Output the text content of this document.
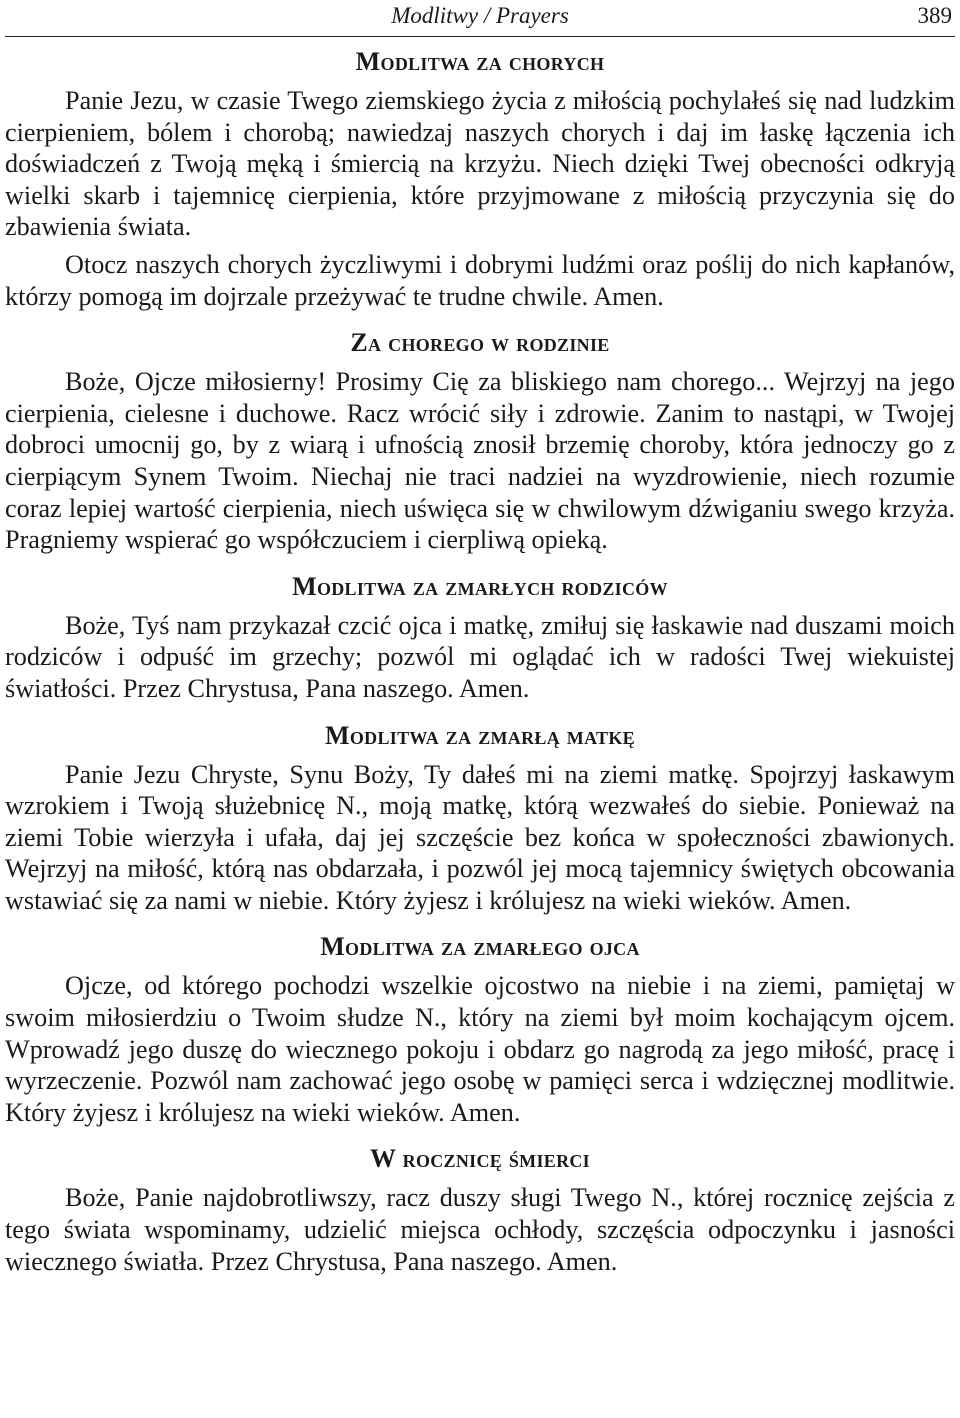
Modlitwy / Prayers	389
Modlitwa za chorych

Panie Jezu, w czasie Twego ziemskiego życia z miłością pochylałeś się nad ludzkim cierpieniem, bólem i chorobą; nawiedzaj naszych chorych i daj im łaskę łączenia ich doświadczeń z Twoją męką i śmiercią na krzyżu. Niech dzięki Twej obecności odkryją wielki skarb i tajemnicę cierpienia, które przyjmowane z miłością przyczynia się do zbawienia świata.

Otocz naszych chorych życzliwymi i dobrymi ludźmi oraz poślij do nich kapłanów, którzy pomogą im dojrzale przeżywać te trudne chwile. Amen.

Za chorego w rodzinie

Boże, Ojcze miłosierny! Prosimy Cię za bliskiego nam chorego... Wejrzyj na jego cierpienia, cielesne i duchowe. Racz wrócić siły i zdrowie. Zanim to nastąpi, w Twojej dobroci umocnij go, by z wiarą i ufnością znosił brzemię choroby, która jednoczy go z cierpiącym Synem Twoim. Niechaj nie traci nadziei na wyzdrowienie, niech rozumie coraz lepiej wartość cierpienia, niech uświęca się w chwilowym dźwiganiu swego krzyża. Pragniemy wspierać go współczuciem i cierpliwą opieką.

Modlitwa za zmarłych rodziców

Boże, Tyś nam przykazał czcić ojca i matkę, zmiłuj się łaskawie nad duszami moich rodziców i odpuść im grzechy; pozwól mi oglądać ich w radości Twej wiekuistej światłości. Przez Chrystusa, Pana naszego. Amen.

Modlitwa za zmarłą matkę

Panie Jezu Chryste, Synu Boży, Ty dałeś mi na ziemi matkę. Spojrzyj łaskawym wzrokiem i Twoją służebnicę N., moją matkę, którą wezwałeś do siebie. Ponieważ na ziemi Tobie wierzyła i ufała, daj jej szczęście bez końca w społeczności zbawionych. Wejrzyj na miłość, którą nas obdarzała, i pozwól jej mocą tajemnicy świętych obcowania wstawiać się za nami w niebie. Który żyjesz i królujesz na wieki wieków. Amen.

Modlitwa za zmarłego ojca

Ojcze, od którego pochodzi wszelkie ojcostwo na niebie i na ziemi, pamiętaj w swoim miłosierdziu o Twoim słudze N., który na ziemi był moim kochającym ojcem. Wprowadź jego duszę do wiecznego pokoju i obdarz go nagrodą za jego miłość, pracę i wyrzeczenie. Pozwól nam zachować jego osobę w pamięci serca i wdzięcznej modlitwie. Który żyjesz i królujesz na wieki wieków. Amen.

W rocznicę śmierci

Boże, Panie najdobrotliwszy, racz duszy sługi Twego N., której rocznicę zejścia z tego świata wspominamy, udzielić miejsca ochłody, szczęścia odpoczynku i jasności wiecznego światła. Przez Chrystusa, Pana naszego. Amen.
